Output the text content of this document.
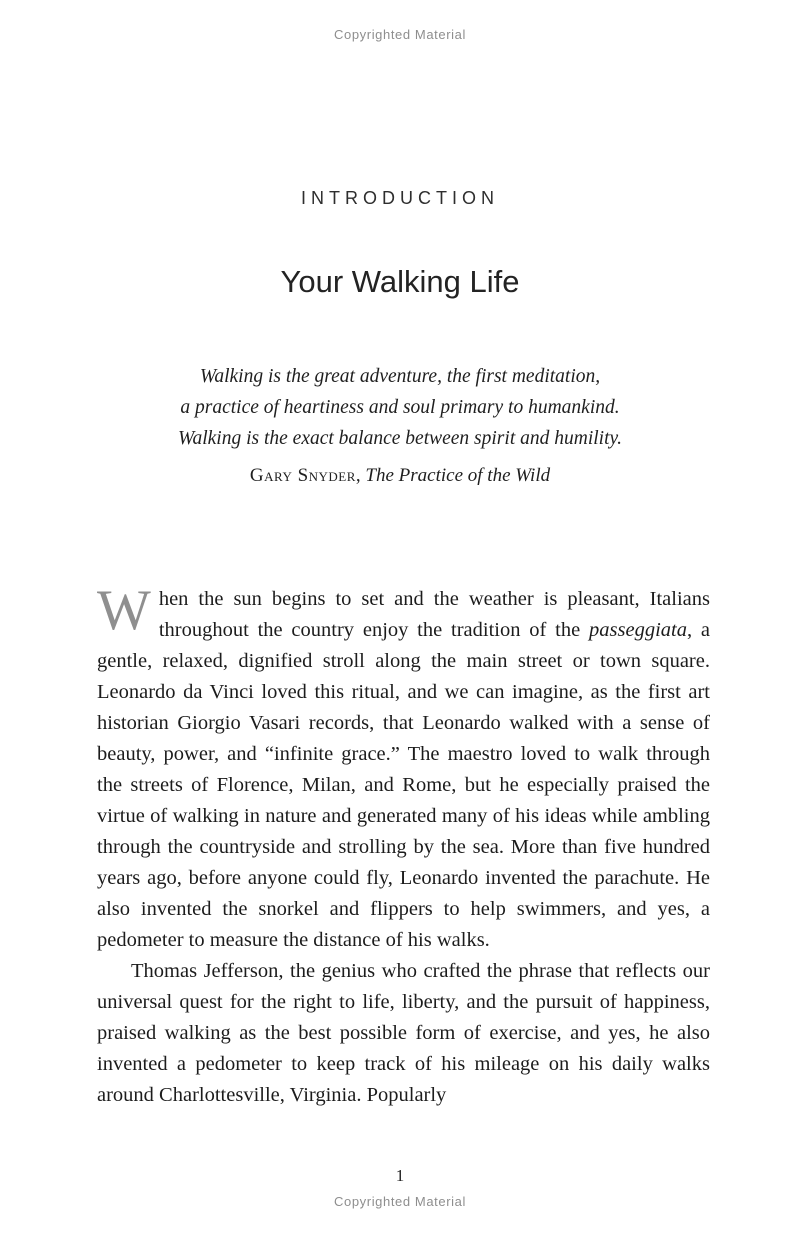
Copyrighted Material
INTRODUCTION
Your Walking Life
Walking is the great adventure, the first meditation,
a practice of heartiness and soul primary to humankind.
Walking is the exact balance between spirit and humility.
Gary Snyder, The Practice of the Wild

When the sun begins to set and the weather is pleasant, Italians throughout the country enjoy the tradition of the passeggiata, a gentle, relaxed, dignified stroll along the main street or town square. Leonardo da Vinci loved this ritual, and we can imagine, as the first art historian Giorgio Vasari records, that Leonardo walked with a sense of beauty, power, and “infinite grace.” The maestro loved to walk through the streets of Florence, Milan, and Rome, but he especially praised the virtue of walking in nature and generated many of his ideas while ambling through the countryside and strolling by the sea. More than five hundred years ago, before anyone could fly, Leonardo invented the parachute. He also invented the snorkel and flippers to help swimmers, and yes, a pedometer to measure the distance of his walks.

Thomas Jefferson, the genius who crafted the phrase that reflects our universal quest for the right to life, liberty, and the pursuit of happiness, praised walking as the best possible form of exercise, and yes, he also invented a pedometer to keep track of his mileage on his daily walks around Charlottesville, Virginia. Popularly

1
Copyrighted Material
